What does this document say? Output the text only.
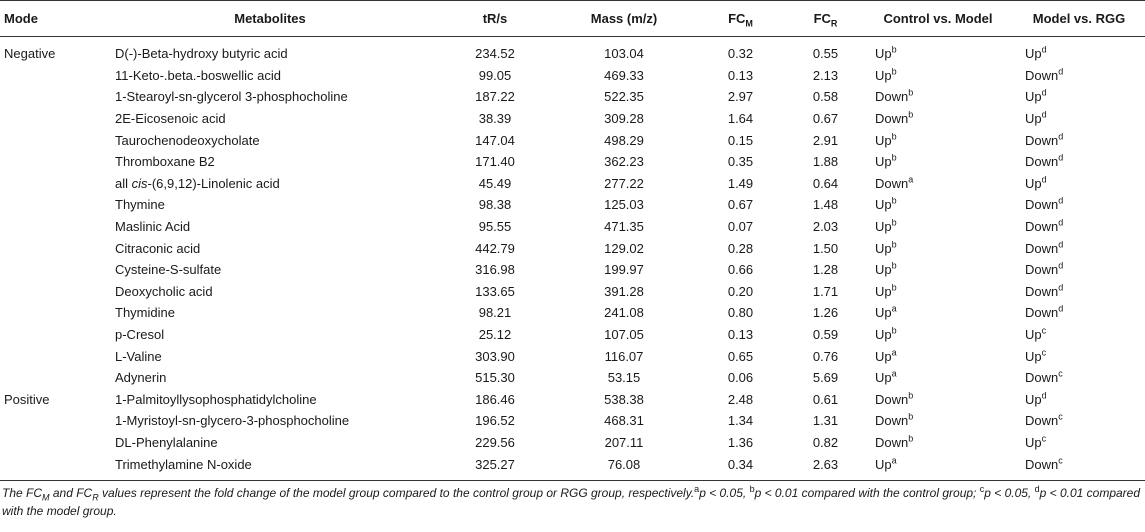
Mode	Metabolites	tR/s	Mass (m/z)	$FC_M$	$FC_R$	Control vs. Model	Model vs. RGG
Negative	D(-)-Beta-hydroxy butyric acid	234.52	103.04	0.32	0.55	Up$^b$	Up$^d$
	11-Keto-.beta.-boswellic acid	99.05	469.33	0.13	2.13	Up$^b$	Down$^d$
	1-Stearoyl-sn-glycerol 3-phosphocholine	187.22	522.35	2.97	0.58	Down$^b$	Up$^d$
	2E-Eicosenoic acid	38.39	309.28	1.64	0.67	Down$^b$	Up$^d$
	Taurochenodeoxycholate	147.04	498.29	0.15	2.91	Up$^b$	Down$^d$
	Thromboxane B2	171.40	362.23	0.35	1.88	Up$^b$	Down$^d$
	all cis-(6,9,12)-Linolenic acid	45.49	277.22	1.49	0.64	Down$^a$	Up$^d$
	Thymine	98.38	125.03	0.67	1.48	Up$^b$	Down$^d$
	Maslinic Acid	95.55	471.35	0.07	2.03	Up$^b$	Down$^d$
	Citraconic acid	442.79	129.02	0.28	1.50	Up$^b$	Down$^d$
	Cysteine-S-sulfate	316.98	199.97	0.66	1.28	Up$^b$	Down$^d$
	Deoxycholic acid	133.65	391.28	0.20	1.71	Up$^b$	Down$^d$
	Thymidine	98.21	241.08	0.80	1.26	Up$^a$	Down$^d$
	p-Cresol	25.12	107.05	0.13	0.59	Up$^b$	Up$^c$
	L-Valine	303.90	116.07	0.65	0.76	Up$^a$	Up$^c$
	Adynerin	515.30	53.15	0.06	5.69	Up$^a$	Down$^c$
Positive	1-Palmitoyllysophosphatidylcholine	186.46	538.38	2.48	0.61	Down$^b$	Up$^d$
	1-Myristoyl-sn-glycero-3-phosphocholine	196.52	468.31	1.34	1.31	Down$^b$	Down$^c$
	DL-Phenylalanine	229.56	207.11	1.36	0.82	Down$^b$	Up$^c$
	Trimethylamine N-oxide	325.27	76.08	0.34	2.63	Up$^a$	Down$^c$
The $FC_M$ and $FC_R$ values represent the fold change of the model group compared to the control group or RGG group, respectively.$^a$p < 0.05, $^b$p < 0.01 compared with the control group; $^c$p < 0.05, $^d$p < 0.01 compared with the model group.
